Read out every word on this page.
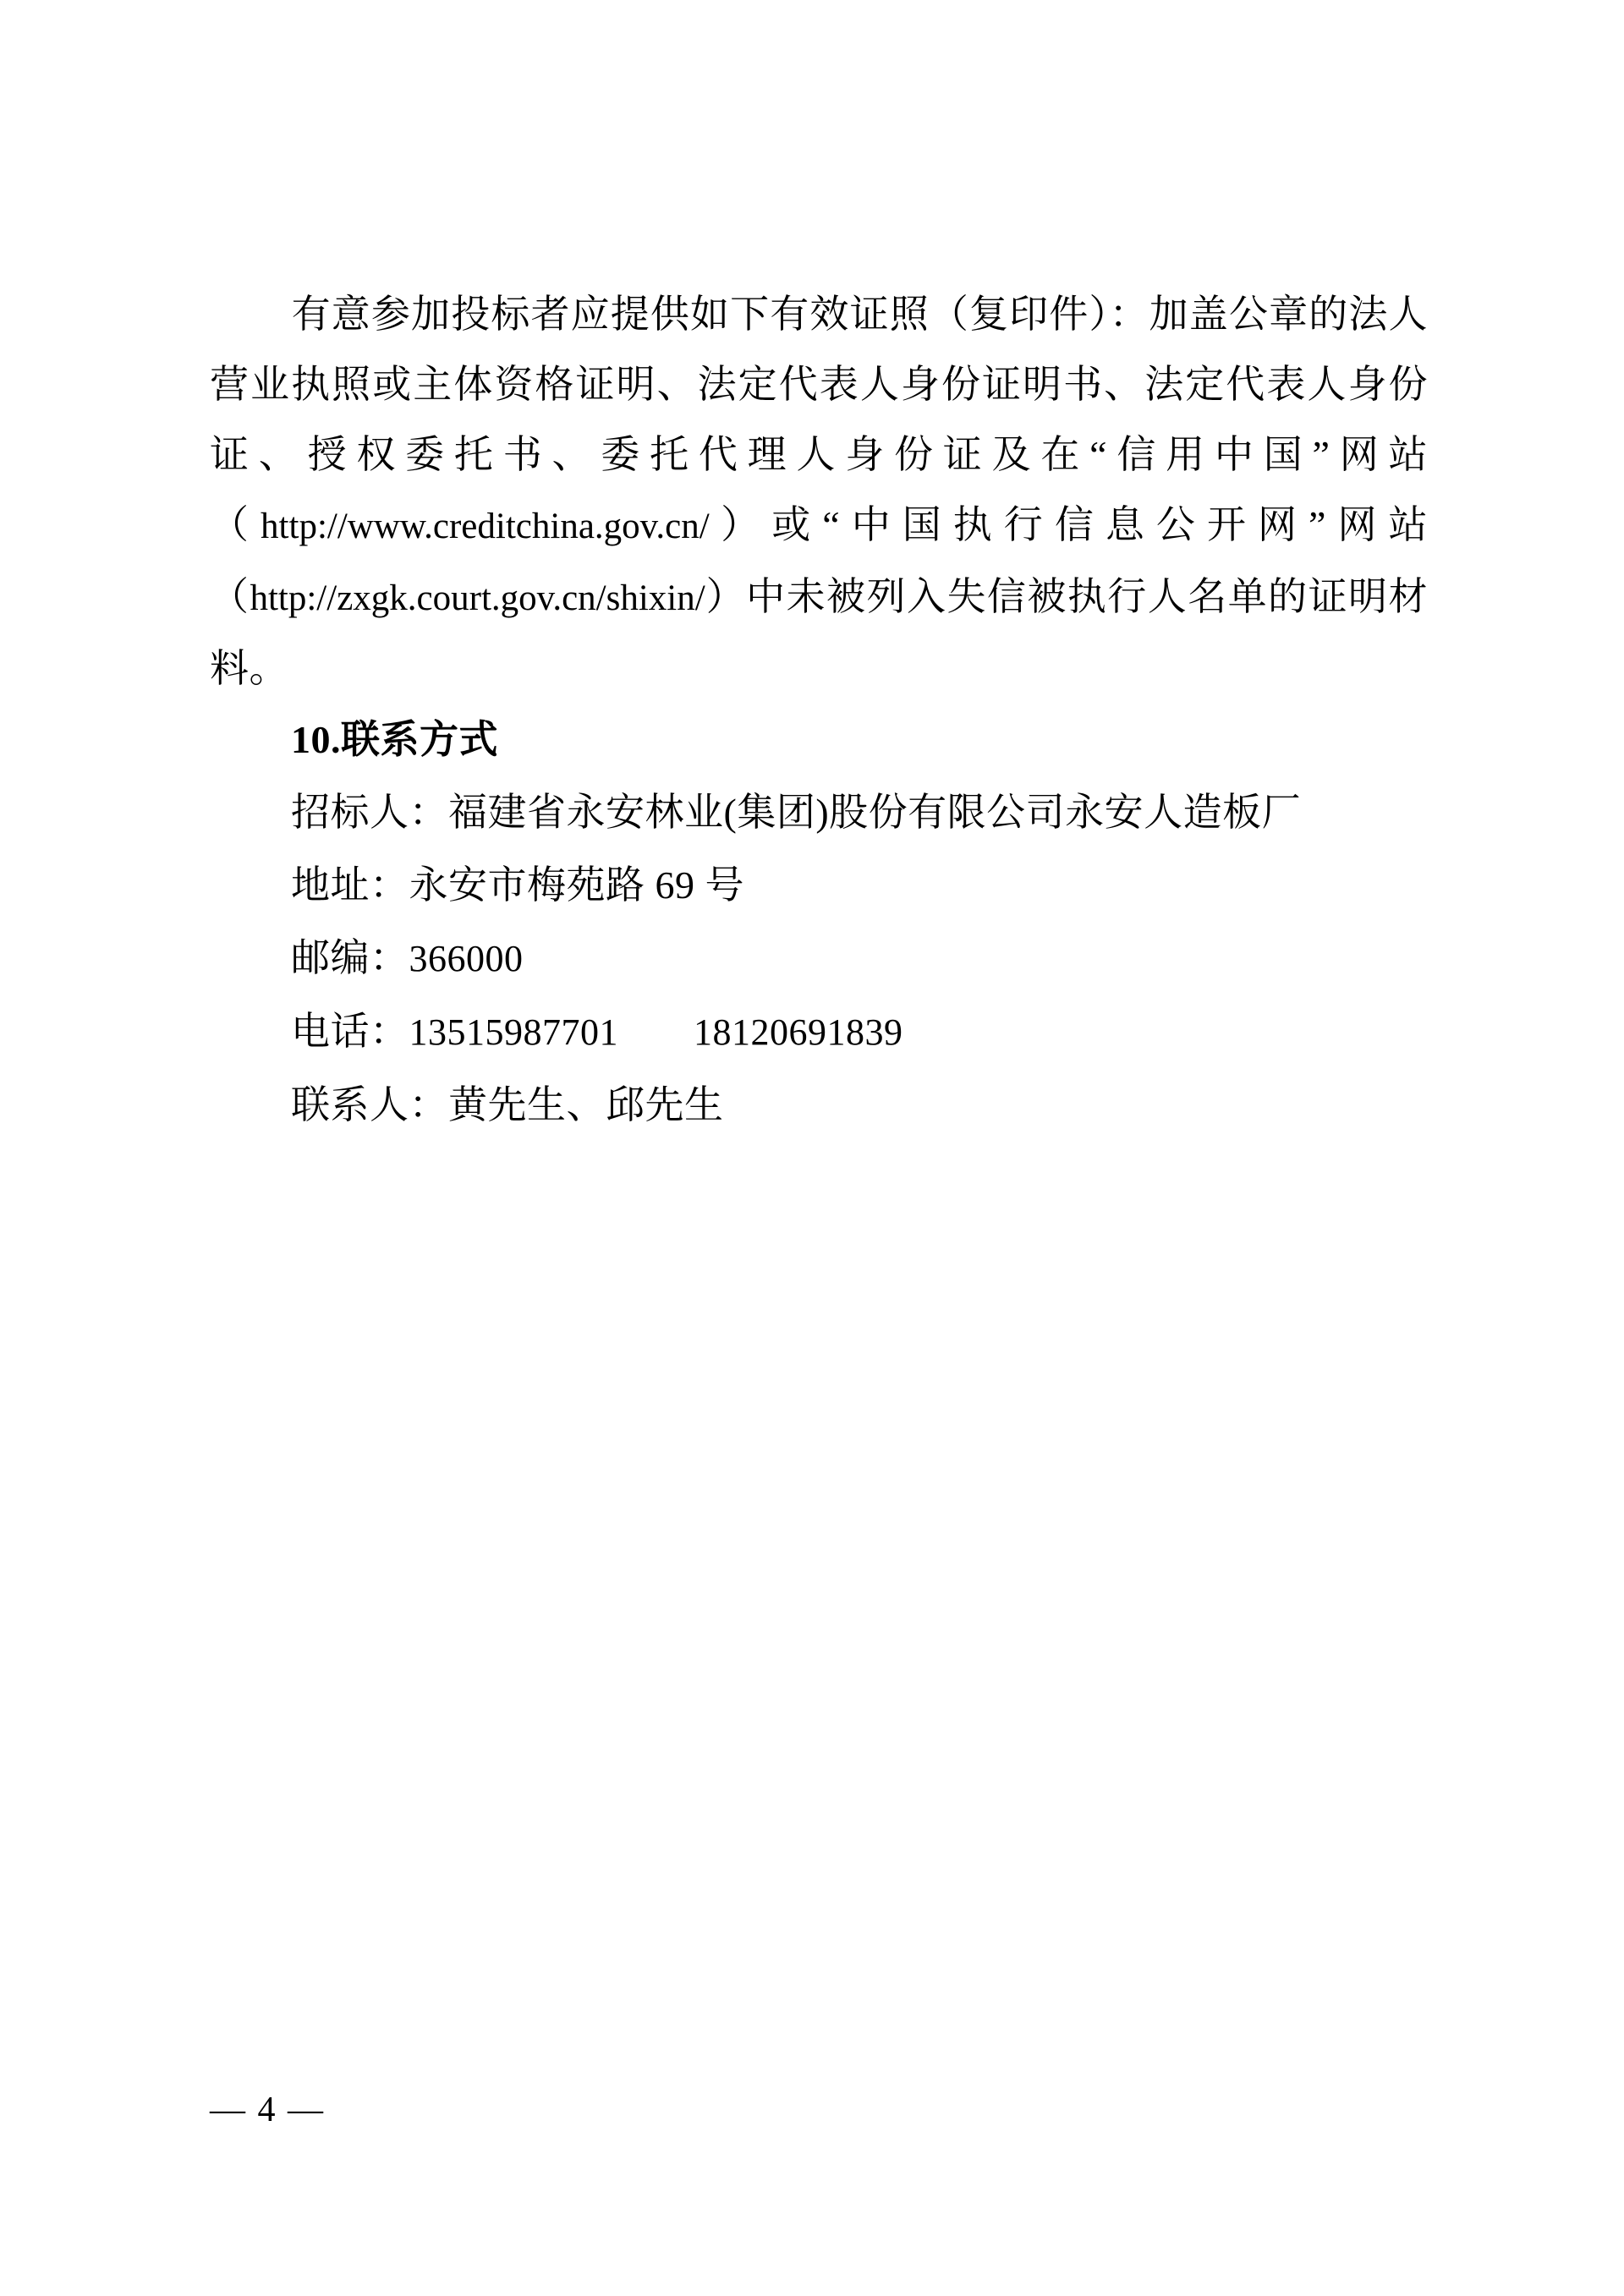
有意参加投标者应提供如下有效证照（复印件）：加盖公章的法人营业执照或主体资格证明、法定代表人身份证明书、法定代表人身份证、授权委托书、委托代理人身份证及在“信用中国”网站（http://www.creditchina.gov.cn/）或“中国执行信息公开网”网站（http://zxgk.court.gov.cn/shixin/）中未被列入失信被执行人名单的证明材料。

10.联系方式

招标人：福建省永安林业(集团)股份有限公司永安人造板厂

地址：永安市梅苑路 69 号

邮编：366000

电话：13515987701　　18120691839

联系人：黄先生、邱先生

— 4 —
